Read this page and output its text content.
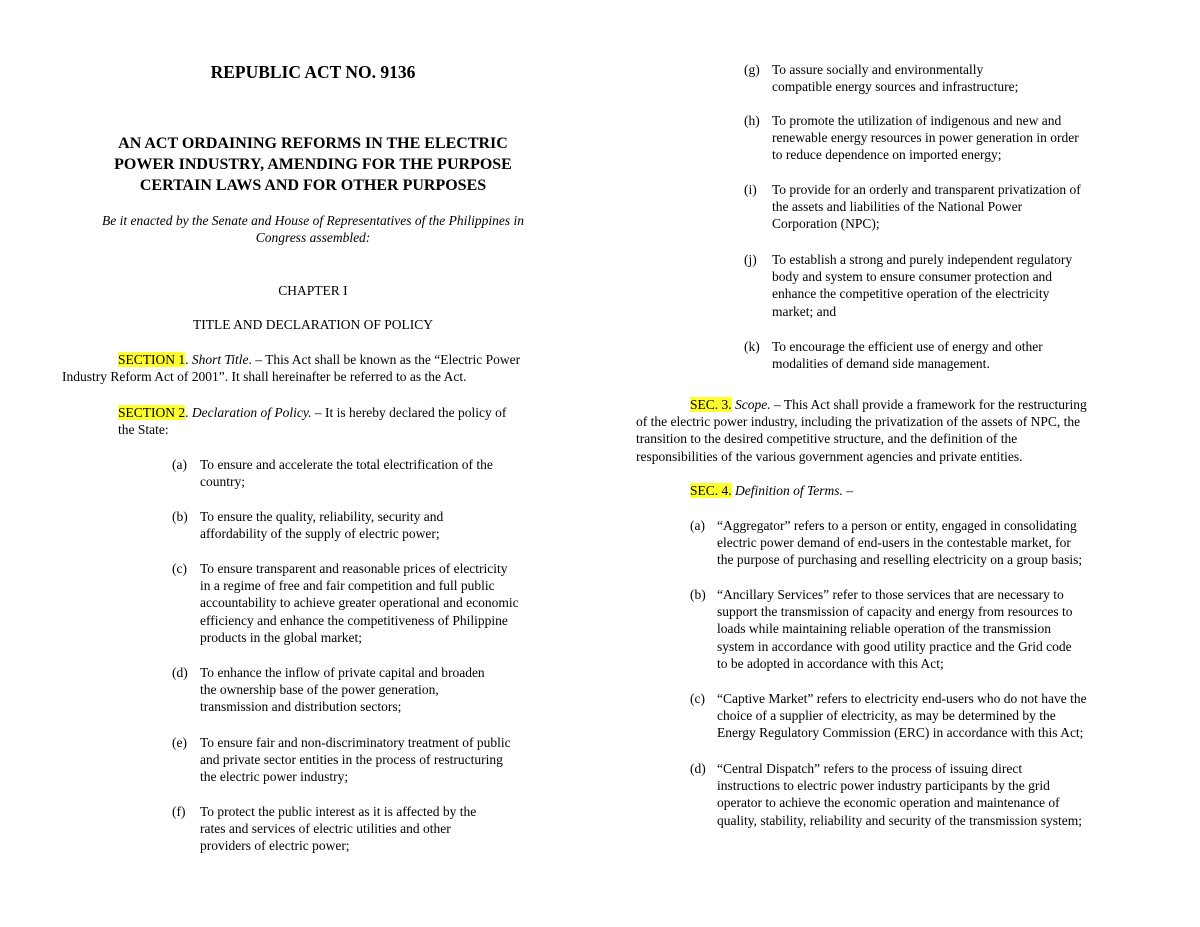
REPUBLIC ACT NO. 9136
AN ACT ORDAINING REFORMS IN THE ELECTRIC
POWER INDUSTRY, AMENDING FOR THE PURPOSE
CERTAIN LAWS AND FOR OTHER PURPOSES
Be it enacted by the Senate and House of Representatives of the Philippines in
Congress assembled:
CHAPTER I
TITLE AND DECLARATION OF POLICY
SECTION 1. Short Title. – This Act shall be known as the “Electric Power
Industry Reform Act of 2001”. It shall hereinafter be referred to as the Act.
SECTION 2. Declaration of Policy. – It is hereby declared the policy of
the State:
(a) To ensure and accelerate the total electrification of the
country;
(b) To ensure the quality, reliability, security and
affordability of the supply of electric power;
(c) To ensure transparent and reasonable prices of electricity
in a regime of free and fair competition and full public
accountability to achieve greater operational and economic
efficiency and enhance the competitiveness of Philippine
products in the global market;
(d) To enhance the inflow of private capital and broaden
the ownership base of the power generation,
transmission and distribution sectors;
(e) To ensure fair and non-discriminatory treatment of public
and private sector entities in the process of restructuring
the electric power industry;
(f) To protect the public interest as it is affected by the
rates and services of electric utilities and other
providers of electric power;
(g) To assure socially and environmentally
compatible energy sources and infrastructure;
(h) To promote the utilization of indigenous and new and
renewable energy resources in power generation in order
to reduce dependence on imported energy;
(i) To provide for an orderly and transparent privatization of
the assets and liabilities of the National Power
Corporation (NPC);
(j) To establish a strong and purely independent regulatory
body and system to ensure consumer protection and
enhance the competitive operation of the electricity
market; and
(k) To encourage the efficient use of energy and other
modalities of demand side management.
SEC. 3. Scope. – This Act shall provide a framework for the restructuring
of the electric power industry, including the privatization of the assets of NPC, the
transition to the desired competitive structure, and the definition of the
responsibilities of the various government agencies and private entities.
SEC. 4. Definition of Terms. –
(a) “Aggregator” refers to a person or entity, engaged in consolidating
electric power demand of end-users in the contestable market, for
the purpose of purchasing and reselling electricity on a group basis;
(b) “Ancillary Services” refer to those services that are necessary to
support the transmission of capacity and energy from resources to
loads while maintaining reliable operation of the transmission
system in accordance with good utility practice and the Grid code
to be adopted in accordance with this Act;
(c) “Captive Market” refers to electricity end-users who do not have the
choice of a supplier of electricity, as may be determined by the
Energy Regulatory Commission (ERC) in accordance with this Act;
(d) “Central Dispatch” refers to the process of issuing direct
instructions to electric power industry participants by the grid
operator to achieve the economic operation and maintenance of
quality, stability, reliability and security of the transmission system;
